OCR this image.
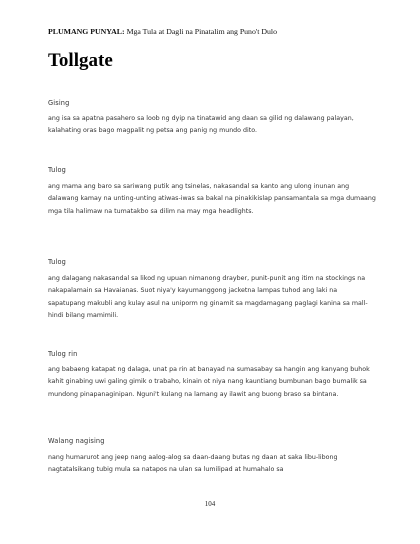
PLUMANG PUNYAL: Mga Tula at Dagli na Pinatalim ang Puno't Dulo
Tollgate
Gising

ang isa sa apatna pasahero sa loob ng dyip na tinatawid ang daan sa gilid ng dalawang palayan, kalahating oras bago magpalit ng petsa ang panig ng mundo dito.

Tulog

ang mama ang baro sa sariwang putik ang tsinelas, nakasandal sa kanto ang ulong inunan ang dalawang kamay na unting-unting atiwas-iwas sa bakal na pinakikislap pansamantala sa mga dumaang mga tila halimaw na tumatakbo sa dilim na may mga headlights.

Tulog

ang dalagang nakasandal sa likod ng upuan nimanong drayber, punit-punit ang itim na stockings na nakapalamain sa Havaianas. Suot niya'y kayumanggong jacketna lampas tuhod ang laki na sapatupang makubli ang kulay asul na uniporm ng ginamit sa magdamagang paglagi kanina sa mall-hindi bilang mamimili.

Tulog rin

ang babaeng katapat ng dalaga, unat pa rin at banayad na sumasabay sa hangin ang kanyang buhok kahit ginabing uwi galing gimik o trabaho, kinain ot niya nang kauntiang bumbunan bago bumalik sa mundong pinapanaginipan. Nguni't kulang na lamang ay ilawit ang buong braso sa bintana.

Walang nagising

nang humarurot ang jeep nang aalog-alog sa daan-daang butas ng daan at saka libu-libong nagtatalsikang tubig mula sa natapos na ulan sa lumilipad at humahalo sa

104
